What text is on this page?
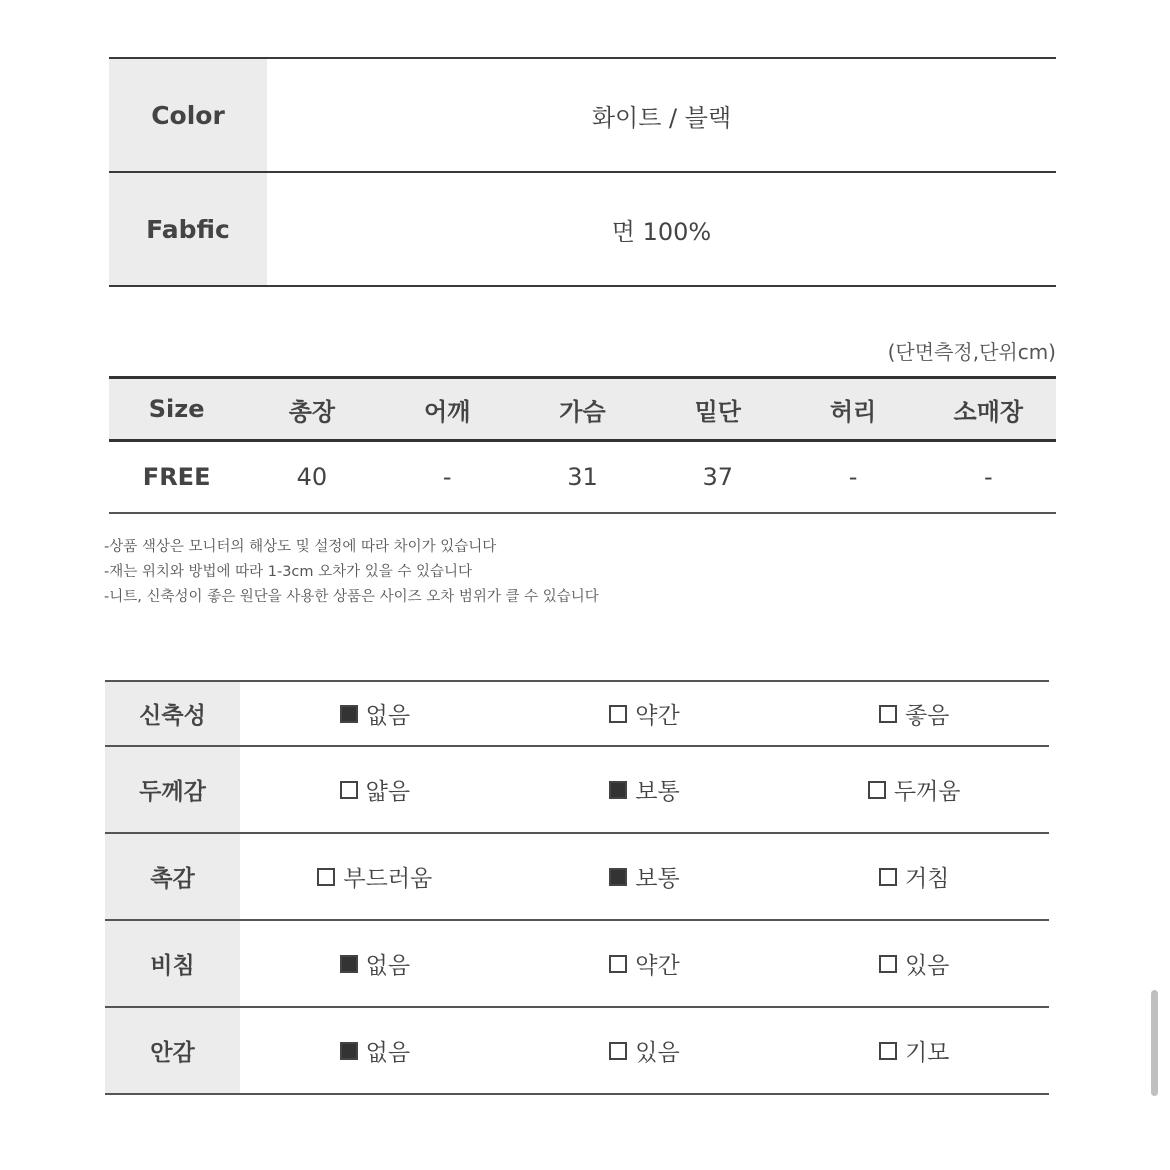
Color	화이트 / 블랙
Fabfic	면 100%
(단면측정,단위cm)
Size	총장	어깨	가슴	밑단	허리	소매장
FREE	40	-	31	37	-	-
-상품 색상은 모니터의 해상도 및 설정에 따라 차이가 있습니다
-재는 위치와 방법에 따라 1-3cm 오차가 있을 수 있습니다
-니트, 신축성이 좋은 원단을 사용한 상품은 사이즈 오차 범위가 클 수 있습니다
신축성	없음	약간	좋음
두께감	얇음	보통	두꺼움
촉감	부드러움	보통	거침
비침	없음	약간	있음
안감	없음	있음	기모
